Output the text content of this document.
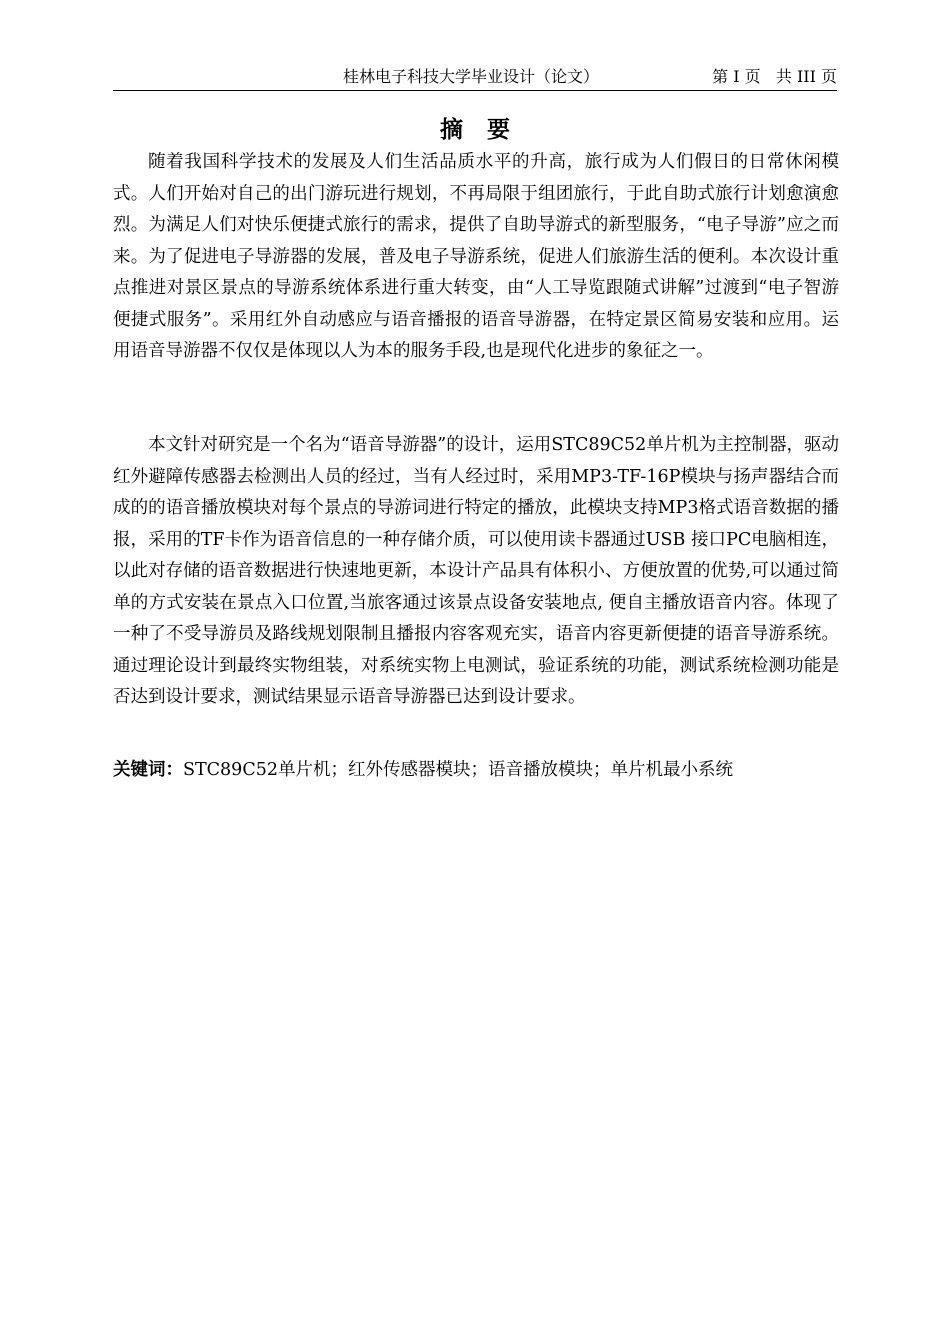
桂林电子科技大学毕业设计（论文）	第 I 页   共 III 页
摘要

随着我国科学技术的发展及人们生活品质水平的升高，旅行成为人们假日的日常休闲模式。人们开始对自己的出门游玩进行规划，不再局限于组团旅行，于此自助式旅行计划愈演愈烈。为满足人们对快乐便捷式旅行的需求，提供了自助导游式的新型服务，“电子导游”应之而来。为了促进电子导游器的发展，普及电子导游系统，促进人们旅游生活的便利。本次设计重点推进对景区景点的导游系统体系进行重大转变，由“人工导览跟随式讲解”过渡到“电子智游便捷式服务”。采用红外自动感应与语音播报的语音导游器，在特定景区简易安装和应用。运用语音导游器不仅仅是体现以人为本的服务手段,也是现代化进步的象征之一。

本文针对研究是一个名为“语音导游器”的设计，运用STC89C52单片机为主控制器，驱动红外避障传感器去检测出人员的经过，当有人经过时，采用MP3-TF-16P模块与扬声器结合而成的的语音播放模块对每个景点的导游词进行特定的播放，此模块支持MP3格式语音数据的播报，采用的TF卡作为语音信息的一种存储介质，可以使用读卡器通过USB 接口PC电脑相连，以此对存储的语音数据进行快速地更新，本设计产品具有体积小、方便放置的优势,可以通过简单的方式安装在景点入口位置,当旅客通过该景点设备安装地点, 便自主播放语音内容。体现了一种了不受导游员及路线规划限制且播报内容客观充实，语音内容更新便捷的语音导游系统。通过理论设计到最终实物组装，对系统实物上电测试，验证系统的功能，测试系统检测功能是否达到设计要求，测试结果显示语音导游器已达到设计要求。

关键词：STC89C52单片机；红外传感器模块；语音播放模块；单片机最小系统
